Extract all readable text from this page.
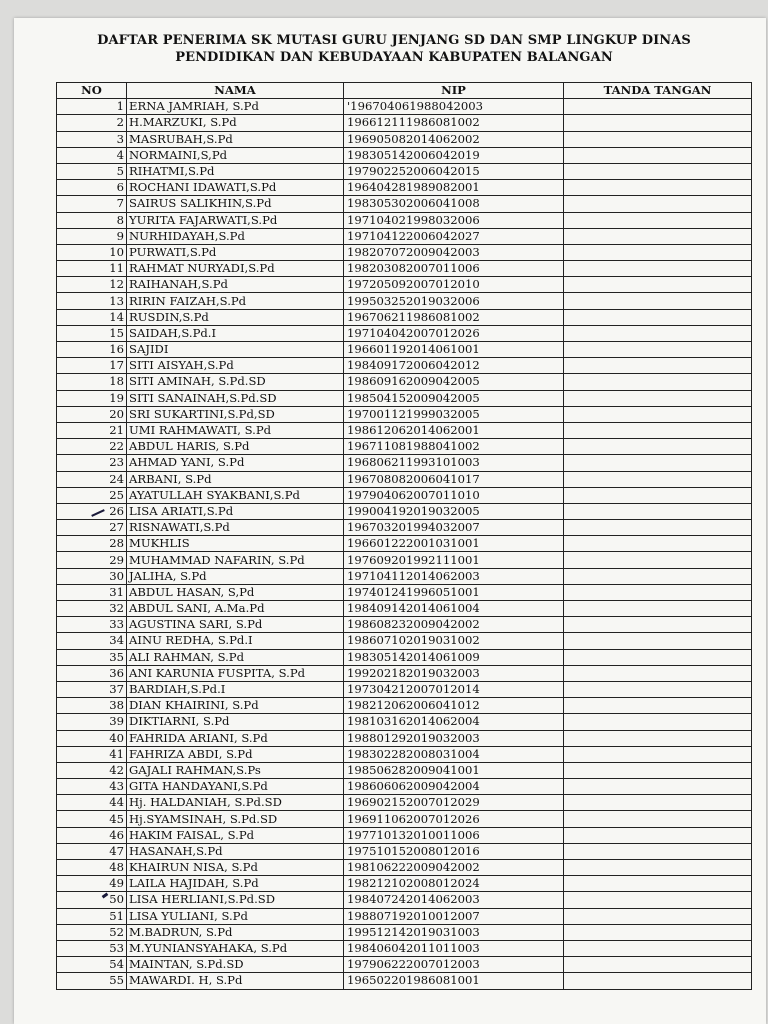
DAFTAR PENERIMA SK MUTASI GURU JENJANG SD DAN SMP LINGKUP DINAS
PENDIDIKAN DAN KEBUDAYAAN KABUPATEN BALANGAN
NO	NAMA	NIP	TANDA TANGAN
1	ERNA JAMRIAH, S.Pd	'196704061988042003	
2	H.MARZUKI, S.Pd	196612111986081002	
3	MASRUBAH,S.Pd	196905082014062002	
4	NORMAINI,S,Pd	198305142006042019	
5	RIHATMI,S.Pd	197902252006042015	
6	ROCHANI IDAWATI,S.Pd	196404281989082001	
7	SAIRUS SALIKHIN,S.Pd	198305302006041008	
8	YURITA FAJARWATI,S.Pd	197104021998032006	
9	NURHIDAYAH,S.Pd	197104122006042027	
10	PURWATI,S.Pd	198207072009042003	
11	RAHMAT NURYADI,S.Pd	198203082007011006	
12	RAIHANAH,S.Pd	197205092007012010	
13	RIRIN FAIZAH,S.Pd	199503252019032006	
14	RUSDIN,S.Pd	196706211986081002	
15	SAIDAH,S.Pd.I	197104042007012026	
16	SAJIDI	196601192014061001	
17	SITI AISYAH,S.Pd	198409172006042012	
18	SITI AMINAH, S.Pd.SD	198609162009042005	
19	SITI SANAINAH,S.Pd.SD	198504152009042005	
20	SRI SUKARTINI,S.Pd,SD	197001121999032005	
21	UMI RAHMAWATI, S.Pd	198612062014062001	
22	ABDUL HARIS, S.Pd	196711081988041002	
23	AHMAD YANI, S.Pd	196806211993101003	
24	ARBANI, S.Pd	196708082006041017	
25	AYATULLAH SYAKBANI,S.Pd	197904062007011010	
26	LISA ARIATI,S.Pd	199004192019032005	
27	RISNAWATI,S.Pd	196703201994032007	
28	MUKHLIS	196601222001031001	
29	MUHAMMAD NAFARIN, S.Pd	197609201992111001	
30	JALIHA, S.Pd	197104112014062003	
31	ABDUL HASAN, S,Pd	197401241996051001	
32	ABDUL SANI, A.Ma.Pd	198409142014061004	
33	AGUSTINA SARI, S.Pd	198608232009042002	
34	AINU REDHA, S.Pd.I	198607102019031002	
35	ALI RAHMAN, S.Pd	198305142014061009	
36	ANI KARUNIA FUSPITA, S.Pd	199202182019032003	
37	BARDIAH,S.Pd.I	197304212007012014	
38	DIAN KHAIRINI, S.Pd	198212062006041012	
39	DIKTIARNI, S.Pd	198103162014062004	
40	FAHRIDA ARIANI, S.Pd	198801292019032003	
41	FAHRIZA ABDI, S.Pd	198302282008031004	
42	GAJALI RAHMAN,S.Ps	198506282009041001	
43	GITA HANDAYANI,S.Pd	198606062009042004	
44	Hj. HALDANIAH, S.Pd.SD	196902152007012029	
45	Hj.SYAMSINAH, S.Pd.SD	196911062007012026	
46	HAKIM FAISAL, S.Pd	197710132010011006	
47	HASANAH,S.Pd	197510152008012016	
48	KHAIRUN NISA, S.Pd	198106222009042002	
49	LAILA HAJIDAH, S.Pd	198212102008012024	
50	LISA HERLIANI,S.Pd.SD	198407242014062003	
51	LISA YULIANI, S.Pd	198807192010012007	
52	M.BADRUN, S.Pd	199512142019031003	
53	M.YUNIANSYAHAKA, S.Pd	198406042011011003	
54	MAINTAN, S.Pd.SD	197906222007012003	
55	MAWARDI. H, S.Pd	196502201986081001	
